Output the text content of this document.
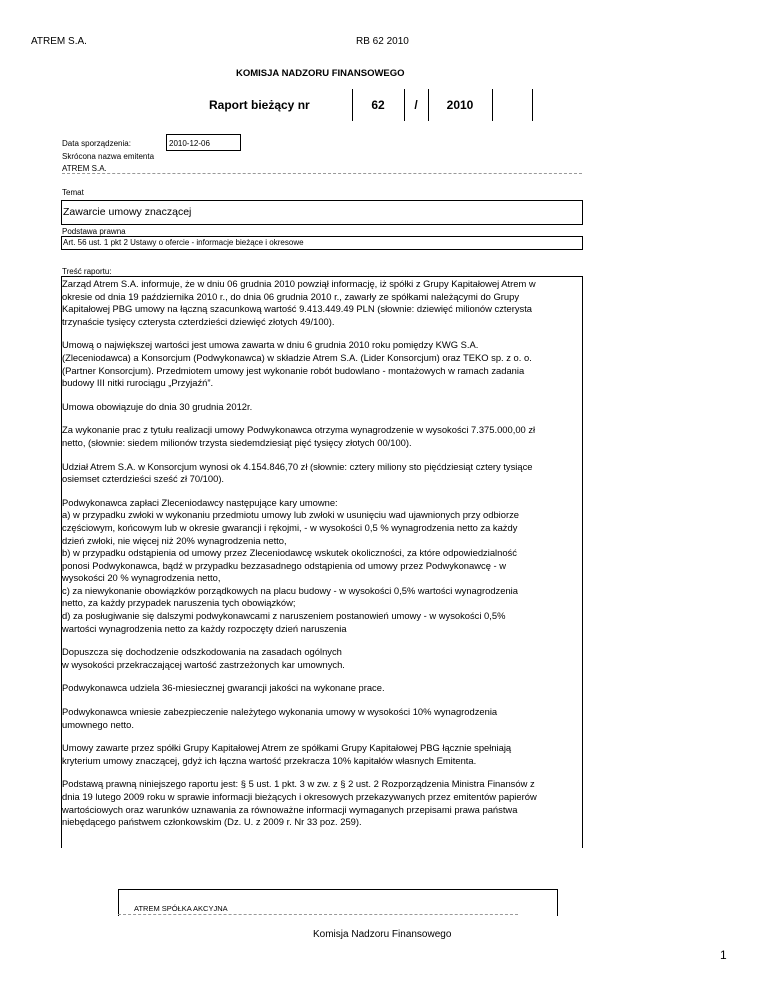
ATREM S.A.	RB 62 2010
KOMISJA NADZORU FINANSOWEGO
Raport bieżący nr	62	/	2010
Data sporządzenia:	2010-12-06
Skrócona nazwa emitenta
ATREM S.A.
Temat
Zawarcie umowy znaczącej
Podstawa prawna
Art. 56 ust. 1 pkt 2 Ustawy o ofercie - informacje bieżące i okresowe
Treść raportu:

Zarząd Atrem S.A. informuje, że w dniu 06 grudnia 2010 powziął informację, iż spółki z Grupy Kapitałowej Atrem w
okresie od dnia 19 października 2010 r., do dnia 06 grudnia 2010 r., zawarły ze spółkami należącymi do Grupy
Kapitałowej PBG umowy na łączną szacunkową wartość 9.413.449.49 PLN (słownie: dziewięć milionów czterysta
trzynaście tysięcy czterysta czterdzieści dziewięć złotych 49/100).

Umową o największej wartości jest umowa zawarta w dniu 6 grudnia 2010 roku pomiędzy KWG S.A.
(Zleceniodawca) a Konsorcjum (Podwykonawca) w składzie Atrem S.A. (Lider Konsorcjum) oraz TEKO sp. z o. o.
(Partner Konsorcjum). Przedmiotem umowy jest wykonanie robót budowlano - montażowych w ramach zadania
budowy III nitki rurociągu „Przyjaźń”.

Umowa obowiązuje do dnia 30 grudnia 2012r.

Za wykonanie prac z tytułu realizacji umowy Podwykonawca otrzyma wynagrodzenie w wysokości 7.375.000,00 zł
netto, (słownie: siedem milionów trzysta siedemdziesiąt pięć tysięcy złotych 00/100).

Udział Atrem S.A. w Konsorcjum wynosi ok 4.154.846,70 zł (słownie: cztery miliony sto pięćdziesiąt cztery tysiące
osiemset czterdzieści sześć zł 70/100).

Podwykonawca zapłaci Zleceniodawcy następujące kary umowne:
a) w przypadku zwłoki w wykonaniu przedmiotu umowy lub zwłoki w usunięciu wad ujawnionych przy odbiorze
częściowym, końcowym lub w okresie gwarancji i rękojmi, - w wysokości 0,5 % wynagrodzenia netto za każdy
dzień zwłoki, nie więcej niż 20% wynagrodzenia netto,
b) w przypadku odstąpienia od umowy przez Zleceniodawcę wskutek okoliczności, za które odpowiedzialność
ponosi Podwykonawca, bądź w przypadku bezzasadnego odstąpienia od umowy przez Podwykonawcę - w
wysokości 20 % wynagrodzenia netto,
c) za niewykonanie obowiązków porządkowych na placu budowy - w wysokości 0,5% wartości wynagrodzenia
netto, za każdy przypadek naruszenia tych obowiązków;
d) za posługiwanie się dalszymi podwykonawcami z naruszeniem postanowień umowy - w wysokości 0,5%
wartości wynagrodzenia netto za każdy rozpoczęty dzień naruszenia

Dopuszcza się dochodzenie odszkodowania na zasadach ogólnych
w wysokości przekraczającej wartość zastrzeżonych kar umownych.

Podwykonawca udziela 36-miesiecznej gwarancji jakości na wykonane prace.

Podwykonawca wniesie zabezpieczenie należytego wykonania umowy w wysokości 10% wynagrodzenia
umownego netto.

Umowy zawarte przez spółki Grupy Kapitałowej Atrem ze spółkami Grupy Kapitałowej PBG łącznie spełniają
kryterium umowy znaczącej, gdyż ich łączna wartość przekracza 10% kapitałów własnych Emitenta.

Podstawą prawną niniejszego raportu jest: § 5 ust. 1 pkt. 3 w zw. z § 2 ust. 2 Rozporządzenia Ministra Finansów z
dnia 19 lutego 2009 roku w sprawie informacji bieżących i okresowych przekazywanych przez emitentów papierów
wartościowych oraz warunków uznawania za równoważne informacji wymaganych przepisami prawa państwa
niebędącego państwem członkowskim (Dz. U. z 2009 r. Nr 33 poz. 259).

ATREM SPÓŁKA AKCYJNA
Komisja Nadzoru Finansowego
1
